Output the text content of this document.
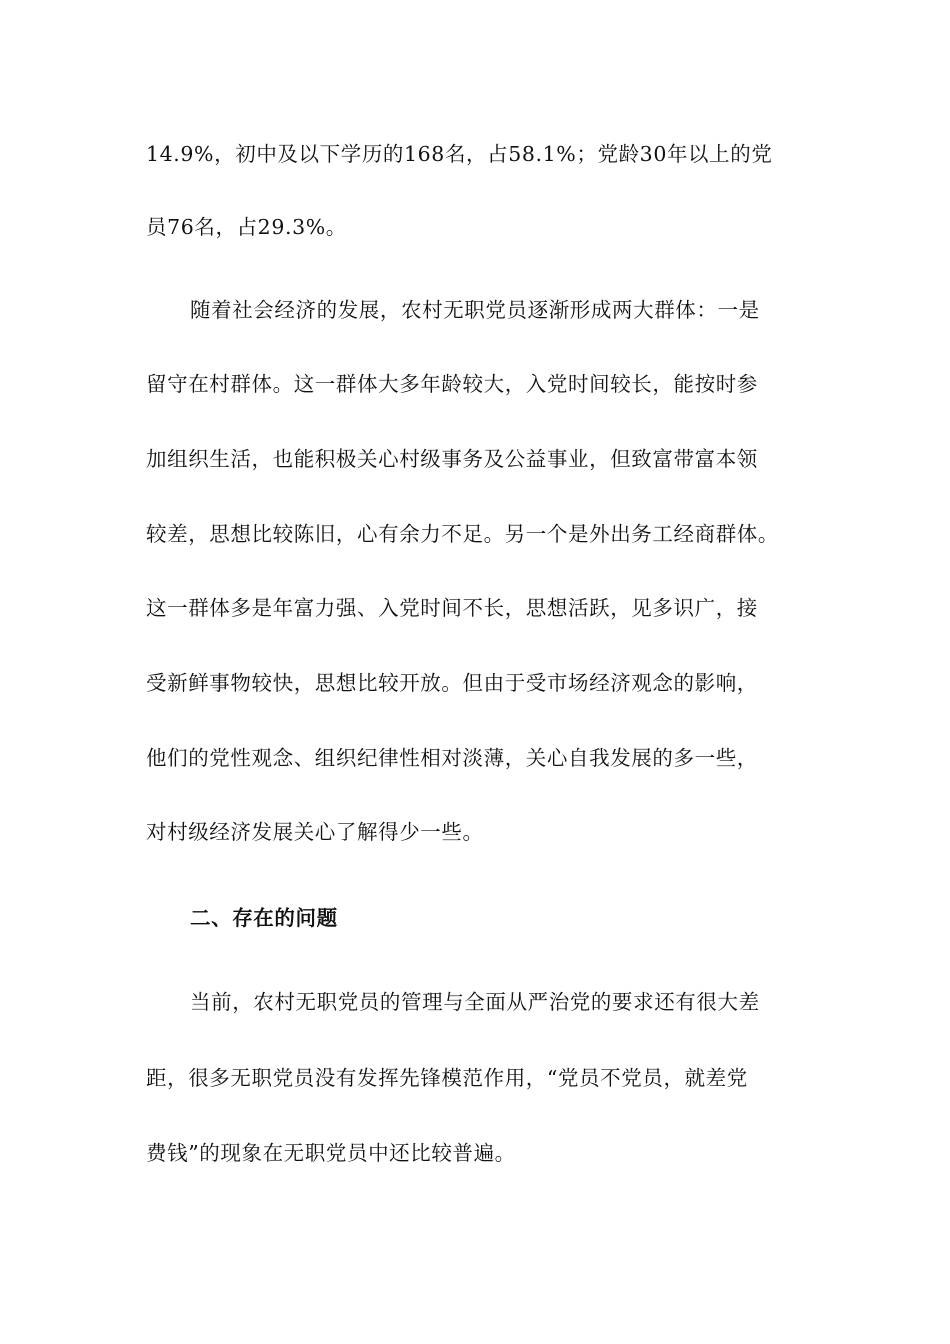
14.9%，初中及以下学历的168名，占58.1%；党龄30年以上的党
员76名，占29.3%。
随着社会经济的发展，农村无职党员逐渐形成两大群体：一是
留守在村群体。这一群体大多年龄较大，入党时间较长，能按时参
加组织生活，也能积极关心村级事务及公益事业，但致富带富本领
较差，思想比较陈旧，心有余力不足。另一个是外出务工经商群体。
这一群体多是年富力强、入党时间不长，思想活跃，见多识广，接
受新鲜事物较快，思想比较开放。但由于受市场经济观念的影响，
他们的党性观念、组织纪律性相对淡薄，关心自我发展的多一些，
对村级经济发展关心了解得少一些。
二、存在的问题
当前，农村无职党员的管理与全面从严治党的要求还有很大差
距，很多无职党员没有发挥先锋模范作用，“党员不党员，就差党
费钱”的现象在无职党员中还比较普遍。
